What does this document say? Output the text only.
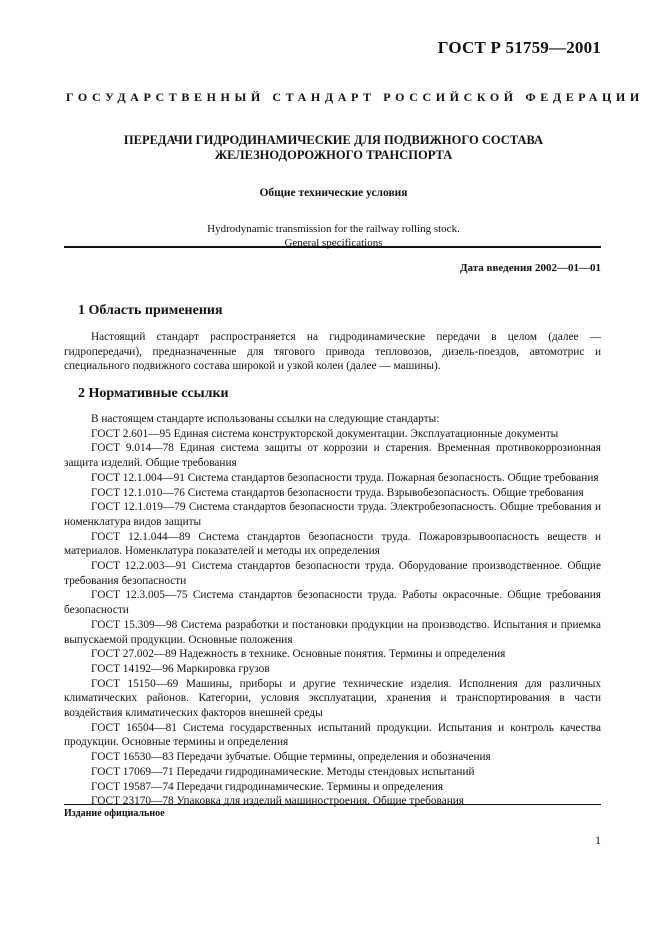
ГОСТ Р 51759—2001
ГОСУДАРСТВЕННЫЙ СТАНДАРТ РОССИЙСКОЙ ФЕДЕРАЦИИ
ПЕРЕДАЧИ ГИДРОДИНАМИЧЕСКИЕ ДЛЯ ПОДВИЖНОГО СОСТАВА
ЖЕЛЕЗНОДОРОЖНОГО ТРАНСПОРТА
Общие технические условия
Hydrodynamic transmission for the railway rolling stock.
General specifications
Дата введения 2002—01—01
1 Область применения

Настоящий стандарт распространяется на гидродинамические передачи в целом (далее — гидропередачи), предназначенные для тягового привода тепловозов, дизель-поездов, автомотрис и специального подвижного состава широкой и узкой колеи (далее — машины).

2 Нормативные ссылки

В настоящем стандарте использованы ссылки на следующие стандарты:

ГОСТ 2.601—95 Единая система конструкторской документации. Эксплуатационные документы

ГОСТ 9.014—78 Единая система защиты от коррозии и старения. Временная противокоррозионная защита изделий. Общие требования

ГОСТ 12.1.004—91 Система стандартов безопасности труда. Пожарная безопасность. Общие требования

ГОСТ 12.1.010—76 Система стандартов безопасности труда. Взрывобезопасность. Общие требования

ГОСТ 12.1.019—79 Система стандартов безопасности труда. Электробезопасность. Общие требования и номенклатура видов защиты

ГОСТ 12.1.044—89 Система стандартов безопасности труда. Пожаровзрывоопасность веществ и материалов. Номенклатура показателей и методы их определения

ГОСТ 12.2.003—91 Система стандартов безопасности труда. Оборудование производственное. Общие требования безопасности

ГОСТ 12.3.005—75 Система стандартов безопасности труда. Работы окрасочные. Общие требования безопасности

ГОСТ 15.309—98 Система разработки и постановки продукции на производство. Испытания и приемка выпускаемой продукции. Основные положения

ГОСТ 27.002—89 Надежность в технике. Основные понятия. Термины и определения

ГОСТ 14192—96 Маркировка грузов

ГОСТ 15150—69 Машины, приборы и другие технические изделия. Исполнения для различных климатических районов. Категории, условия эксплуатации, хранения и транспортирования в части воздействия климатических факторов внешней среды

ГОСТ 16504—81 Система государственных испытаний продукции. Испытания и контроль качества продукции. Основные термины и определения

ГОСТ 16530—83 Передачи зубчатые. Общие термины, определения и обозначения

ГОСТ 17069—71 Передачи гидродинамические. Методы стендовых испытаний

ГОСТ 19587—74 Передачи гидродинамические. Термины и определения

ГОСТ 23170—78 Упаковка для изделий машиностроения. Общие требования

Издание официальное
1
